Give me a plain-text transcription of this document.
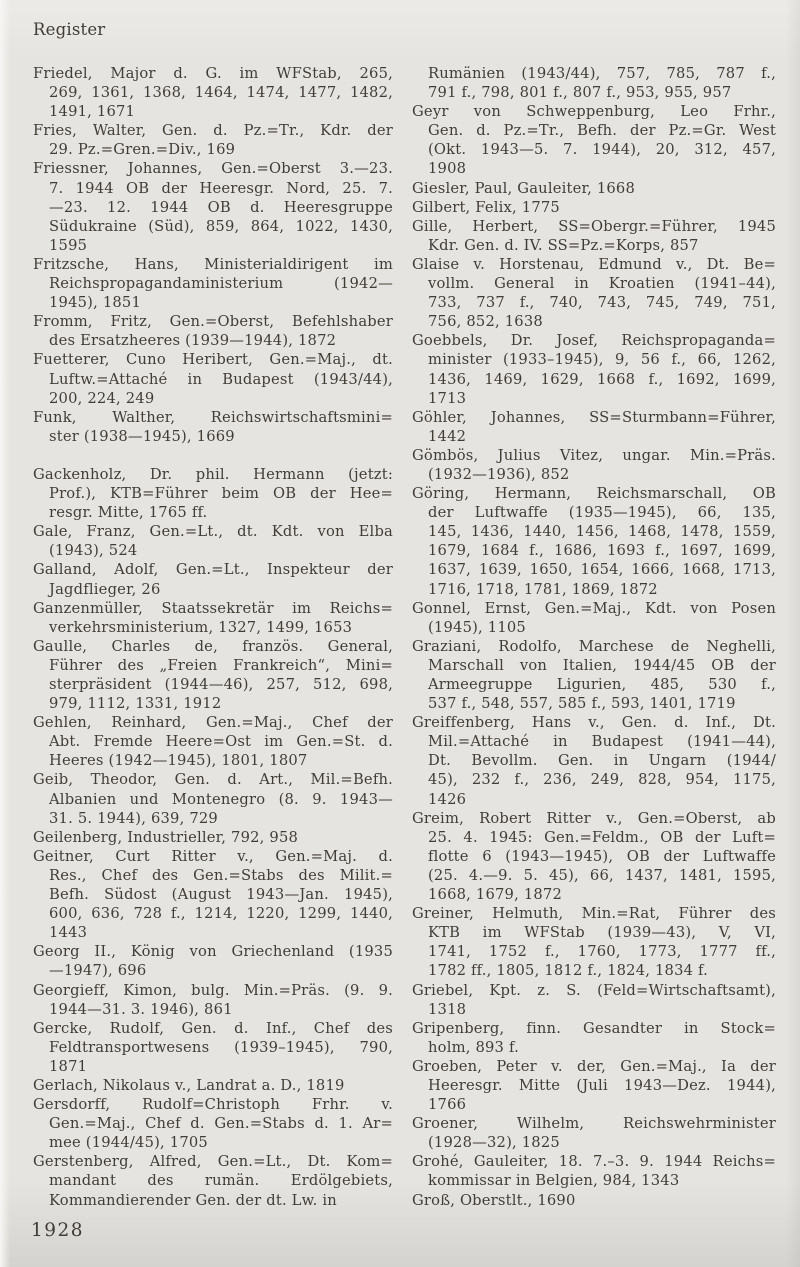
Register
Friedel, Major d. G. im WFStab, 265,
269, 1361, 1368, 1464, 1474, 1477, 1482,
1491, 1671
Fries, Walter, Gen. d. Pz.=Tr., Kdr. der
29. Pz.=Gren.=Div., 169
Friessner, Johannes, Gen.=Oberst 3.—23.
7. 1944 OB der Heeresgr. Nord, 25. 7.
—23. 12. 1944 OB d. Heeresgruppe
Südukraine (Süd), 859, 864, 1022, 1430,
1595
Fritzsche, Hans, Ministerialdirigent im
Reichspropagandaministerium (1942—
1945), 1851
Fromm, Fritz, Gen.=Oberst, Befehlshaber
des Ersatzheeres (1939—1944), 1872
Fuetterer, Cuno Heribert, Gen.=Maj., dt.
Luftw.=Attaché in Budapest (1943/44),
200, 224, 249
Funk, Walther, Reichswirtschaftsmini=
ster (1938—1945), 1669
Gackenholz, Dr. phil. Hermann (jetzt:
Prof.), KTB=Führer beim OB der Hee=
resgr. Mitte, 1765 ff.
Gale, Franz, Gen.=Lt., dt. Kdt. von Elba
(1943), 524
Galland, Adolf, Gen.=Lt., Inspekteur der
Jagdflieger, 26
Ganzenmüller, Staatssekretär im Reichs=
verkehrsministerium, 1327, 1499, 1653
Gaulle, Charles de, französ. General,
Führer des „Freien Frankreich“, Mini=
sterpräsident (1944—46), 257, 512, 698,
979, 1112, 1331, 1912
Gehlen, Reinhard, Gen.=Maj., Chef der
Abt. Fremde Heere=Ost im Gen.=St. d.
Heeres (1942—1945), 1801, 1807
Geib, Theodor, Gen. d. Art., Mil.=Befh.
Albanien und Montenegro (8. 9. 1943—
31. 5. 1944), 639, 729
Geilenberg, Industrieller, 792, 958
Geitner, Curt Ritter v., Gen.=Maj. d.
Res., Chef des Gen.=Stabs des Milit.=
Befh. Südost (August 1943—Jan. 1945),
600, 636, 728 f., 1214, 1220, 1299, 1440,
1443
Georg II., König von Griechenland (1935
—1947), 696
Georgieff, Kimon, bulg. Min.=Präs. (9. 9.
1944—31. 3. 1946), 861
Gercke, Rudolf, Gen. d. Inf., Chef des
Feldtransportwesens (1939–1945), 790,
1871
Gerlach, Nikolaus v., Landrat a. D., 1819
Gersdorff, Rudolf=Christoph Frhr. v.
Gen.=Maj., Chef d. Gen.=Stabs d. 1. Ar=
mee (1944/45), 1705
Gerstenberg, Alfred, Gen.=Lt., Dt. Kom=
mandant des rumän. Erdölgebiets,
Kommandierender Gen. der dt. Lw. in
Rumänien (1943/44), 757, 785, 787 f.,
791 f., 798, 801 f., 807 f., 953, 955, 957
Geyr von Schweppenburg, Leo Frhr.,
Gen. d. Pz.=Tr., Befh. der Pz.=Gr. West
(Okt. 1943—5. 7. 1944), 20, 312, 457,
1908
Giesler, Paul, Gauleiter, 1668
Gilbert, Felix, 1775
Gille, Herbert, SS=Obergr.=Führer, 1945
Kdr. Gen. d. IV. SS=Pz.=Korps, 857
Glaise v. Horstenau, Edmund v., Dt. Be=
vollm. General in Kroatien (1941–44),
733, 737 f., 740, 743, 745, 749, 751,
756, 852, 1638
Goebbels, Dr. Josef, Reichspropaganda=
minister (1933–1945), 9, 56 f., 66, 1262,
1436, 1469, 1629, 1668 f., 1692, 1699,
1713
Göhler, Johannes, SS=Sturmbann=Führer,
1442
Gömbös, Julius Vitez, ungar. Min.=Präs.
(1932—1936), 852
Göring, Hermann, Reichsmarschall, OB
der Luftwaffe (1935—1945), 66, 135,
145, 1436, 1440, 1456, 1468, 1478, 1559,
1679, 1684 f., 1686, 1693 f., 1697, 1699,
1637, 1639, 1650, 1654, 1666, 1668, 1713,
1716, 1718, 1781, 1869, 1872
Gonnel, Ernst, Gen.=Maj., Kdt. von Posen
(1945), 1105
Graziani, Rodolfo, Marchese de Neghelli,
Marschall von Italien, 1944/45 OB der
Armeegruppe Ligurien, 485, 530 f.,
537 f., 548, 557, 585 f., 593, 1401, 1719
Greiffenberg, Hans v., Gen. d. Inf., Dt.
Mil.=Attaché in Budapest (1941—44),
Dt. Bevollm. Gen. in Ungarn (1944/
45), 232 f., 236, 249, 828, 954, 1175,
1426
Greim, Robert Ritter v., Gen.=Oberst, ab
25. 4. 1945: Gen.=Feldm., OB der Luft=
flotte 6 (1943—1945), OB der Luftwaffe
(25. 4.—9. 5. 45), 66, 1437, 1481, 1595,
1668, 1679, 1872
Greiner, Helmuth, Min.=Rat, Führer des
KTB im WFStab (1939—43), V, VI,
1741, 1752 f., 1760, 1773, 1777 ff.,
1782 ff., 1805, 1812 f., 1824, 1834 f.
Griebel, Kpt. z. S. (Feld=Wirtschaftsamt),
1318
Gripenberg, finn. Gesandter in Stock=
holm, 893 f.
Groeben, Peter v. der, Gen.=Maj., Ia der
Heeresgr. Mitte (Juli 1943—Dez. 1944),
1766
Groener, Wilhelm, Reichswehrminister
(1928—32), 1825
Grohé, Gauleiter, 18. 7.–3. 9. 1944 Reichs=
kommissar in Belgien, 984, 1343
Groß, Oberstlt., 1690
1928
